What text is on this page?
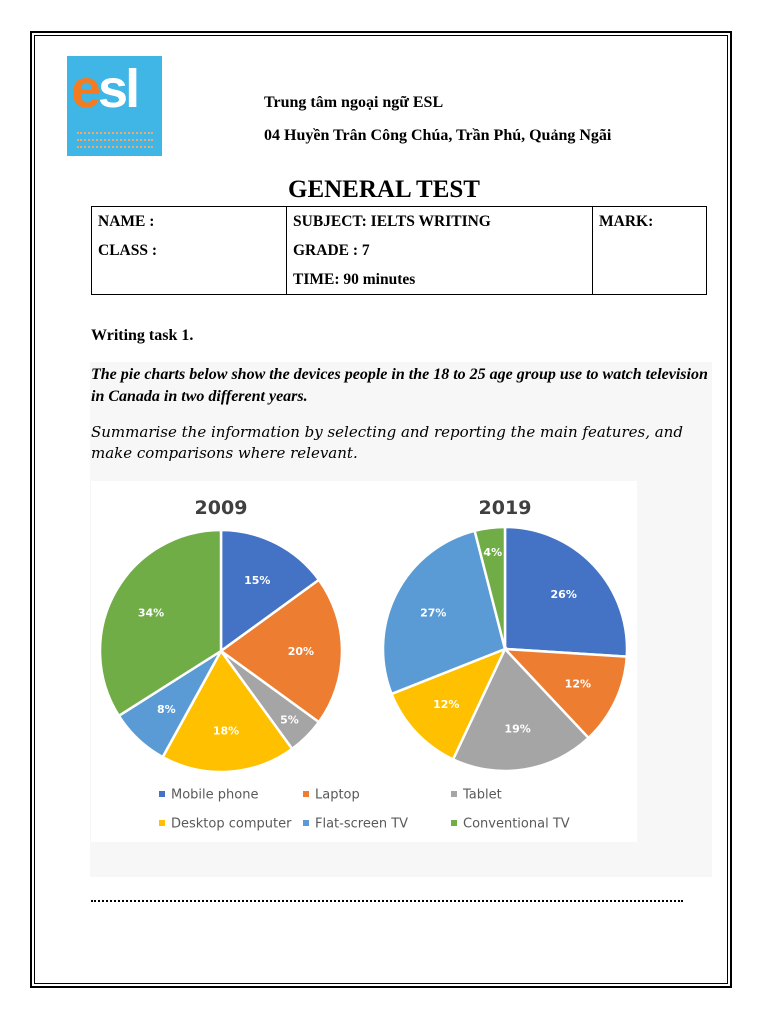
esl	Trung tâm ngoại ngữ ESL
04 Huyền Trân Công Chúa, Trần Phú, Quảng Ngãi
GENERAL TEST
NAME :
CLASS :

SUBJECT: IELTS WRITING
GRADE : 7
TIME: 90 minutes

MARK:
Writing task 1.
The pie charts below show the devices people in the 18 to 25 age group use to watch television in Canada in two different years.
Summarise the information by selecting and reporting the main features, and make comparisons where relevant.
2009
15%
20%
5%
18%
8%
34%
2019
26%
12%
19%
12%
27%
4%
Mobile phone	Laptop	Tablet
Desktop computer Flat-screen TV	Conventional TV
